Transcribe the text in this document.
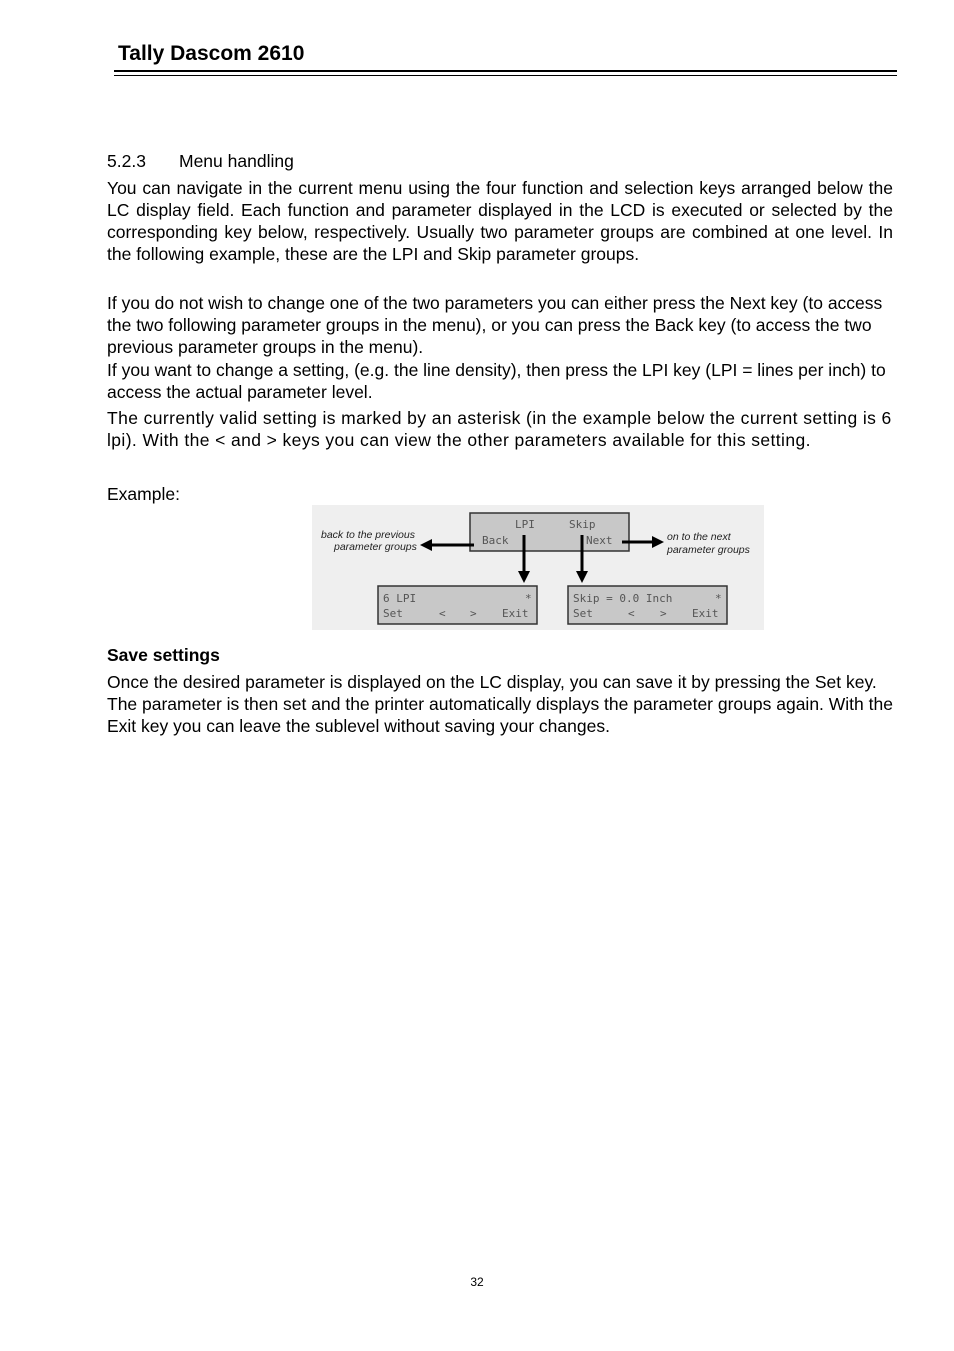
Tally Dascom 2610
5.2.3 Menu handling

You can navigate in the current menu using the four function and selection keys arranged below the LC display field. Each function and parameter displayed in the LCD is executed or selected by the corresponding key below, respectively. Usually two parameter groups are combined at one level. In the following example, these are the LPI and Skip parameter groups.

If you do not wish to change one of the two parameters you can either press the Next key (to access the two following parameter groups in the menu), or you can press the Back key (to access the two previous parameter groups in the menu).

If you want to change a setting, (e.g. the line density), then press the LPI key (LPI = lines per inch) to access the actual parameter level.

The currently valid setting is marked by an asterisk (in the example below the current setting is 6 lpi). With the < and > keys you can view the other parameters available for this setting.

Example:
LPI	Skip
Back	Next
back to the previous
parameter groups
on to the next
parameter groups
6 LPI	*
Set	< > Exit
Skip = 0.0 Inch	*
Set	< > Exit
Save settings

Once the desired parameter is displayed on the LC display, you can save it by pressing the Set key. The parameter is then set and the printer automatically displays the parameter groups again. With the Exit key you can leave the sublevel without saving your changes.

32
